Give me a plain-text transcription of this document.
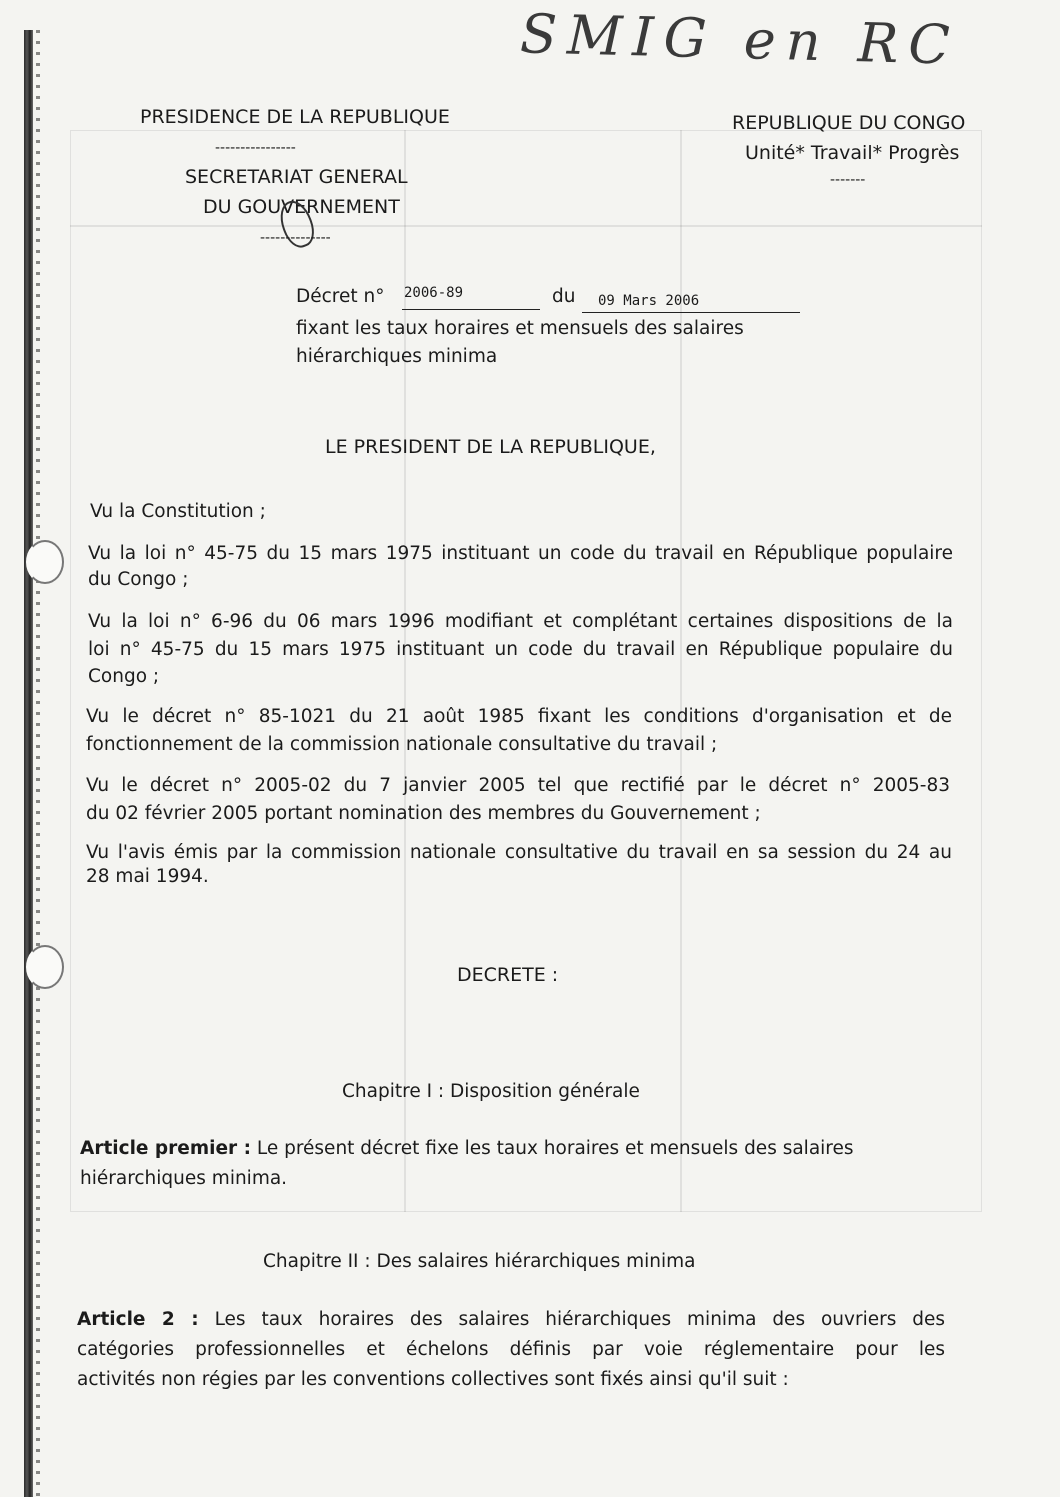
SMIG en RC
PRESIDENCE DE LA REPUBLIQUE
----------------
SECRETARIAT GENERAL
DU GOUVERNEMENT
--------------
REPUBLIQUE DU CONGO
Unité* Travail* Progrès
-------
Décret n° 2006-89	du 09 Mars 2006
fixant les taux horaires et mensuels des salaires
hiérarchiques minima
LE PRESIDENT DE LA REPUBLIQUE,
Vu la Constitution ;
Vu la loi n° 45-75 du 15 mars 1975 instituant un code du travail en République populaire
du Congo ;
Vu la loi n° 6-96 du 06 mars 1996 modifiant et complétant certaines dispositions de la
loi n° 45-75 du 15 mars 1975 instituant un code du travail en République populaire du
Congo ;
Vu le décret n° 85-1021 du 21 août 1985 fixant les conditions d'organisation et de
fonctionnement de la commission nationale consultative du travail ;
Vu le décret n° 2005-02 du 7 janvier 2005 tel que rectifié par le décret n° 2005-83
du 02 février 2005 portant nomination des membres du Gouvernement ;
Vu l'avis émis par la commission nationale consultative du travail en sa session du 24 au
28 mai 1994.
DECRETE :
Chapitre I : Disposition générale
Article premier : Le présent décret fixe les taux horaires et mensuels des salaires
hiérarchiques minima.
Chapitre II : Des salaires hiérarchiques minima
Article 2 : Les taux horaires des salaires hiérarchiques minima des ouvriers des
catégories professionnelles et échelons définis par voie réglementaire pour les
activités non régies par les conventions collectives sont fixés ainsi qu'il suit :
